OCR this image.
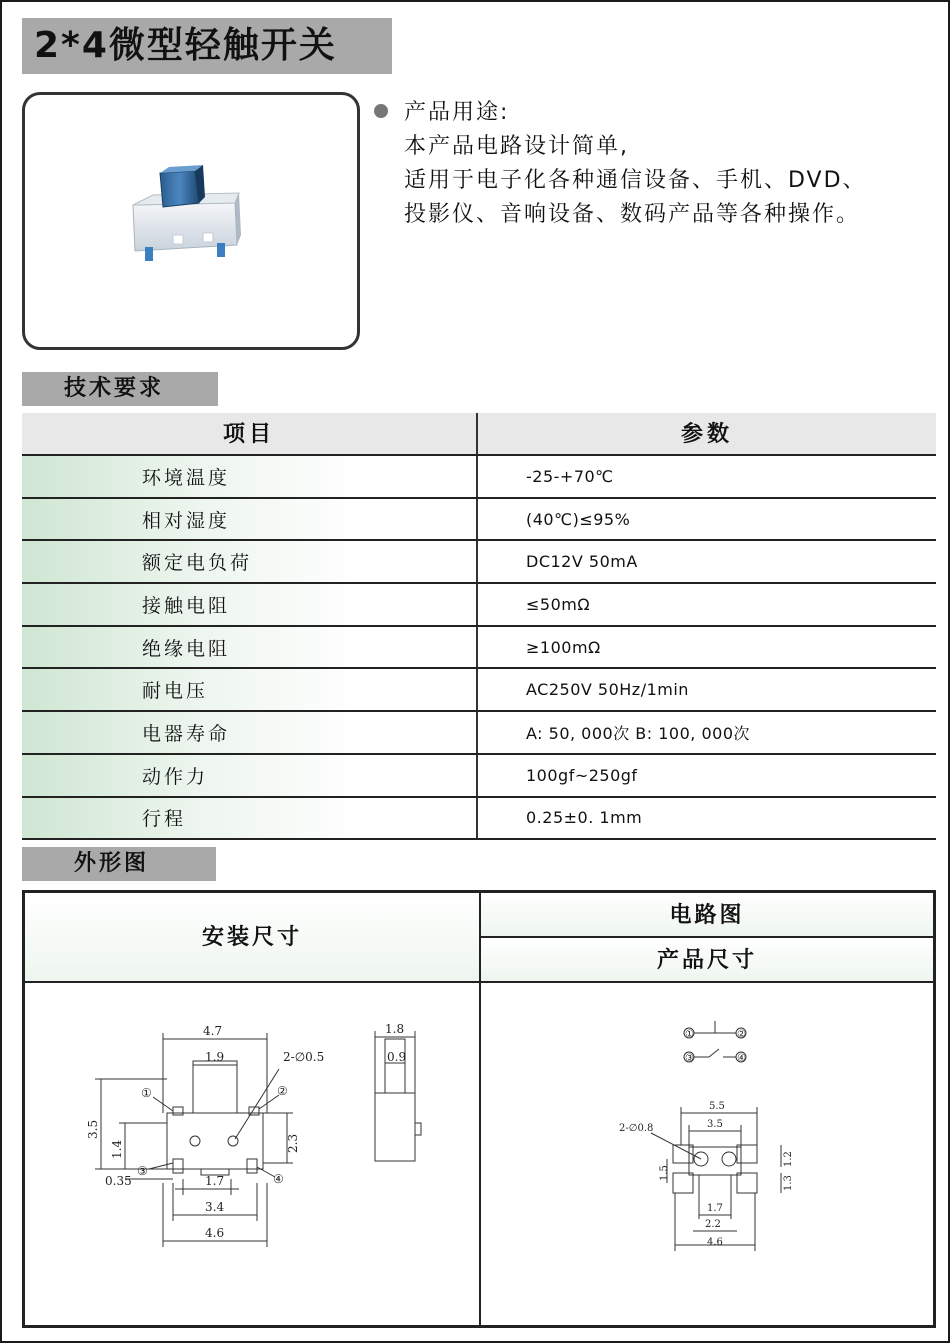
2*4微型轻触开关
产品用途:
本产品电路设计简单,
适用于电子化各种通信设备、手机、DVD、
投影仪、音响设备、数码产品等各种操作。
技术要求
项目	参数
环境温度	-25-+70℃
相对湿度	(40℃)≤95%
额定电负荷	DC12V 50mA
接触电阻	≤50mΩ
绝缘电阻	≥100mΩ
耐电压	AC250V 50Hz/1min
电器寿命	A: 50, 000次 B: 100, 000次
动作力	100gf~250gf
行程	0.25±0. 1mm
外形图
安装尺寸
电路图
产品尺寸
4.7
1.9	2-∅0.5
3.5
1.4	2.3
0.35	1.7
3.4
4.6
1.8
0.9
①	②
③
④
①	②
③	④
5.5
3.5
2-∅0.8
1.5
1.2
1.3
1.7
2.2
4.6
